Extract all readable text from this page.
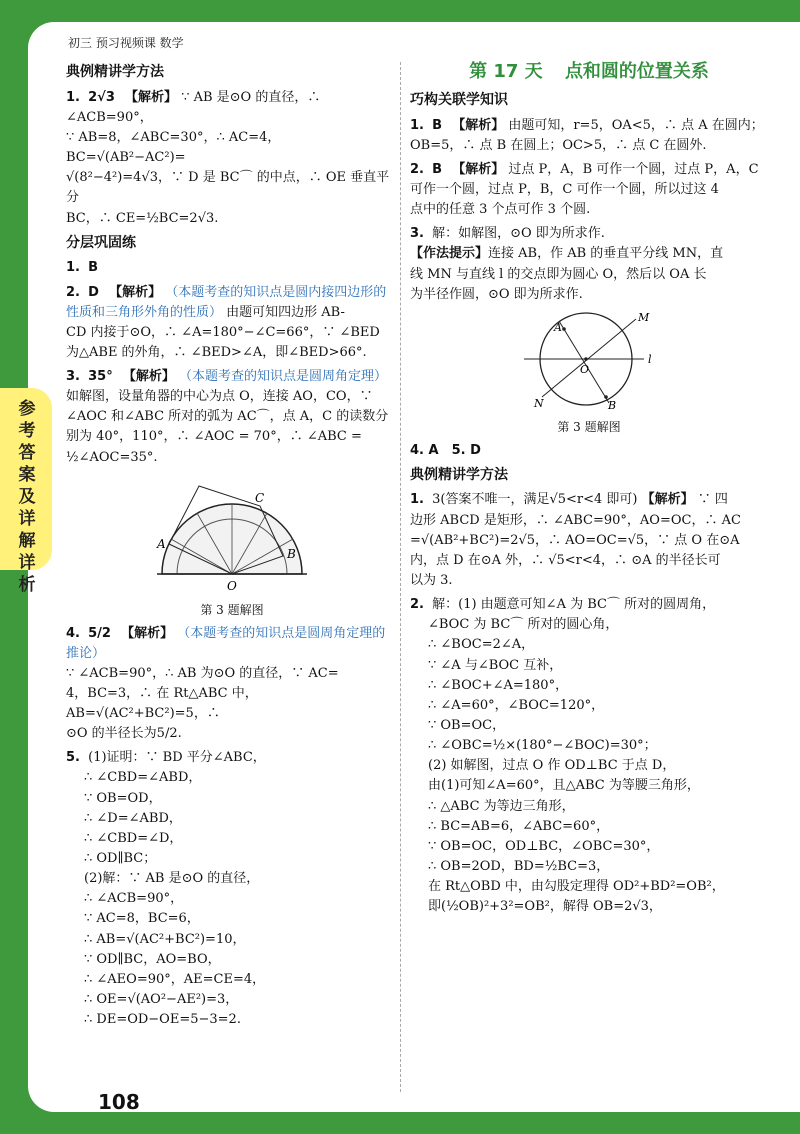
初三 预习视频课 数学
典例精讲学方法
1. 2√3 【解析】 ∵ AB 是⊙O 的直径，∴ ∠ACB=90°，
∵ AB=8，∠ABC=30°，∴ AC=4，BC=√(AB²−AC²)=
√(8²−4²)=4√3，∵ D 是 BC⌒ 的中点，∴ OE 垂直平分
BC，∴ CE=½BC=2√3.
分层巩固练
1. B
2. D 【解析】 （本题考查的知识点是圆内接四边形的性质和三角形外角的性质） 由题可知四边形 AB-
CD 内接于⊙O，∴ ∠A=180°−∠C=66°，∵ ∠BED
为△ABE 的外角，∴ ∠BED>∠A，即∠BED>66°.
3. 35° 【解析】 （本题考查的知识点是圆周角定理）
如解图，设量角器的中心为点 O，连接 AO，CO，∵
∠AOC 和∠ABC 所对的弧为 AC⌒，点 A，C 的读数分
别为 40°，110°，∴ ∠AOC = 70°，∴ ∠ABC =
½∠AOC=35°.
A
C
B
O
第 3 题解图
4. 5/2 【解析】 （本题考查的知识点是圆周角定理的推论）
∵ ∠ACB=90°，∴ AB 为⊙O 的直径，∵ AC=
4，BC=3，∴ 在 Rt△ABC 中，AB=√(AC²+BC²)=5，∴
⊙O 的半径长为5/2.
5. (1)证明：∵ BD 平分∠ABC，
∴ ∠CBD=∠ABD，
∵ OB=OD，
∴ ∠D=∠ABD，
∴ ∠CBD=∠D，
∴ OD∥BC；
(2)解：∵ AB 是⊙O 的直径，
∴ ∠ACB=90°，
∵ AC=8，BC=6，
∴ AB=√(AC²+BC²)=10，
∵ OD∥BC，AO=BO，
∴ ∠AEO=90°，AE=CE=4，
∴ OE=√(AO²−AE²)=3，
∴ DE=OD−OE=5−3=2.
第 17 天 点和圆的位置关系
巧构关联学知识
1. B 【解析】 由题可知，r=5，OA<5，∴ 点 A 在圆内；
OB=5，∴ 点 B 在圆上；OC>5，∴ 点 C 在圆外.
2. B 【解析】 过点 P，A，B 可作一个圆，过点 P，A，C
可作一个圆，过点 P，B，C 可作一个圆，所以过这 4
点中的任意 3 个点可作 3 个圆.
3. 解：如解图，⊙O 即为所求作.
【作法提示】连接 AB，作 AB 的垂直平分线 MN，直
线 MN 与直线 l 的交点即为圆心 O，然后以 OA 长
为半径作圆，⊙O 即为所求作.
A
B
O
M
N
l
第 3 题解图
4. A　5. D
典例精讲学方法
1. 3(答案不唯一，满足√5<r<4 即可) 【解析】 ∵ 四
边形 ABCD 是矩形，∴ ∠ABC=90°，AO=OC，∴ AC
=√(AB²+BC²)=2√5，∴ AO=OC=√5，∵ 点 O 在⊙A
内，点 D 在⊙A 外，∴ √5<r<4，∴ ⊙A 的半径长可
以为 3.
2. 解：(1) 由题意可知∠A 为 BC⌒ 所对的圆周角，
∠BOC 为 BC⌒ 所对的圆心角，
∴ ∠BOC=2∠A，
∵ ∠A 与∠BOC 互补，
∴ ∠BOC+∠A=180°，
∴ ∠A=60°，∠BOC=120°，
∵ OB=OC，
∴ ∠OBC=½×(180°−∠BOC)=30°；
(2) 如解图，过点 O 作 OD⊥BC 于点 D，
由(1)可知∠A=60°，且△ABC 为等腰三角形，
∴ △ABC 为等边三角形，
∴ BC=AB=6，∠ABC=60°，
∵ OB=OC，OD⊥BC，∠OBC=30°，
∴ OB=2OD，BD=½BC=3，
在 Rt△OBD 中，由勾股定理得 OD²+BD²=OB²，
即(½OB)²+3²=OB²，解得 OB=2√3，
108
参考答案及详解详析
